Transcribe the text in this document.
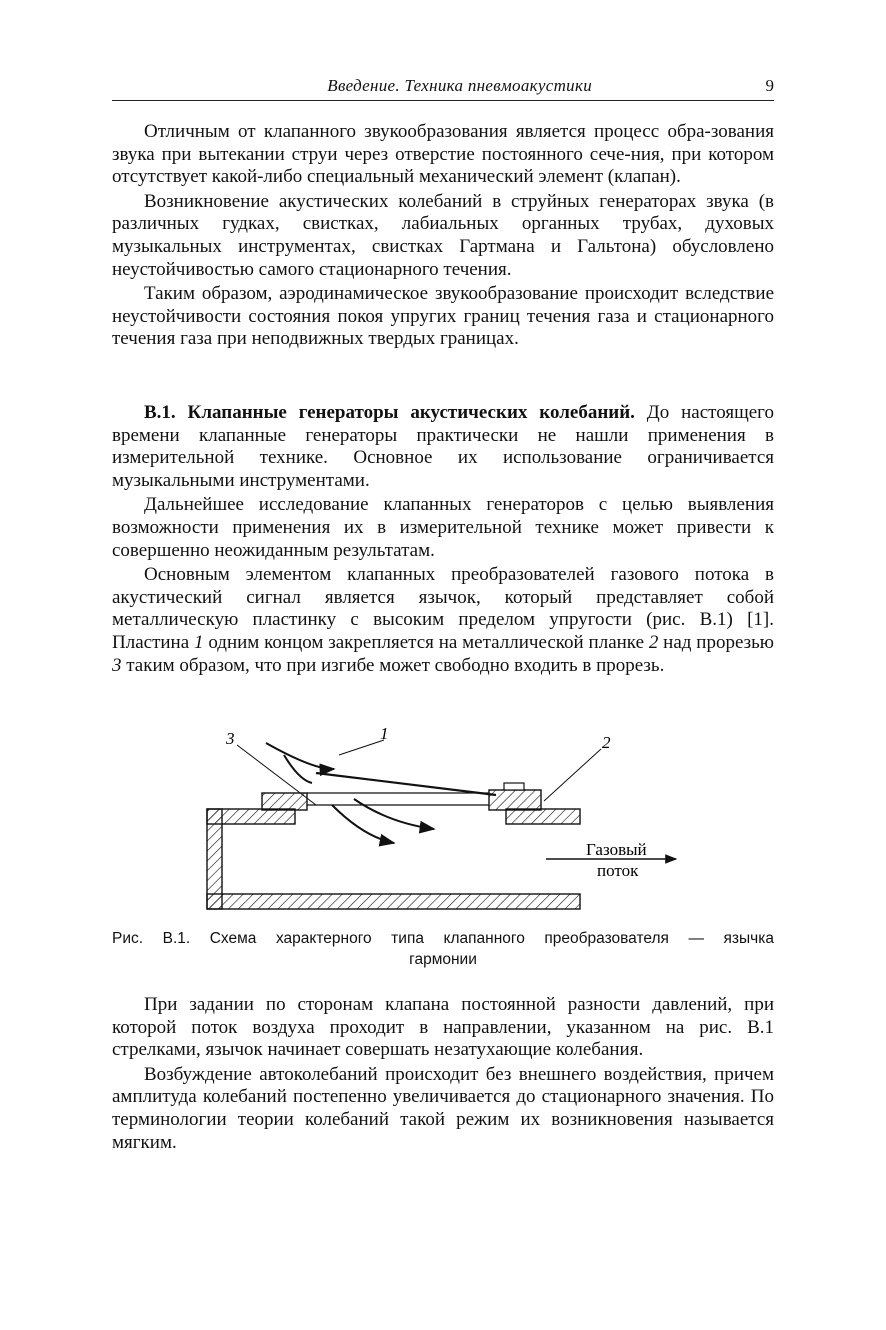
Введение. Техника пневмоакустики	9

Отличным от клапанного звукообразования является процесс обра-зования звука при вытекании струи через отверстие постоянного сече-ния, при котором отсутствует какой-либо специальный механический элемент (клапан).

Возникновение акустических колебаний в струйных генераторах звука (в различных гудках, свистках, лабиальных органных трубах, духовых музыкальных инструментах, свистках Гартмана и Гальтона) обусловлено неустойчивостью самого стационарного течения.

Таким образом, аэродинамическое звукообразование происходит вследствие неустойчивости состояния покоя упругих границ течения газа и стационарного течения газа при неподвижных твердых границах.

В.1. Клапанные генераторы акустических колебаний. До настоящего времени клапанные генераторы практически не нашли применения в измерительной технике. Основное их использование ограничивается музыкальными инструментами.

Дальнейшее исследование клапанных генераторов с целью выявления возможности применения их в измерительной технике может привести к совершенно неожиданным результатам.

Основным элементом клапанных преобразователей газового потока в акустический сигнал является язычок, который представляет собой металлическую пластинку с высоким пределом упругости (рис. В.1) [1]. Пластина 1 одним концом закрепляется на металлической планке 2 над прорезью 3 таким образом, что при изгибе может свободно входить в прорезь.

3	1	2
Газовый
поток
Рис. В.1. Схема характерного типа клапанного преобразователя — язычка
гармонии

При задании по сторонам клапана постоянной разности давлений, при которой поток воздуха проходит в направлении, указанном на рис. В.1 стрелками, язычок начинает совершать незатухающие колебания.

Возбуждение автоколебаний происходит без внешнего воздействия, причем амплитуда колебаний постепенно увеличивается до стационарного значения. По терминологии теории колебаний такой режим их возникновения называется мягким.
